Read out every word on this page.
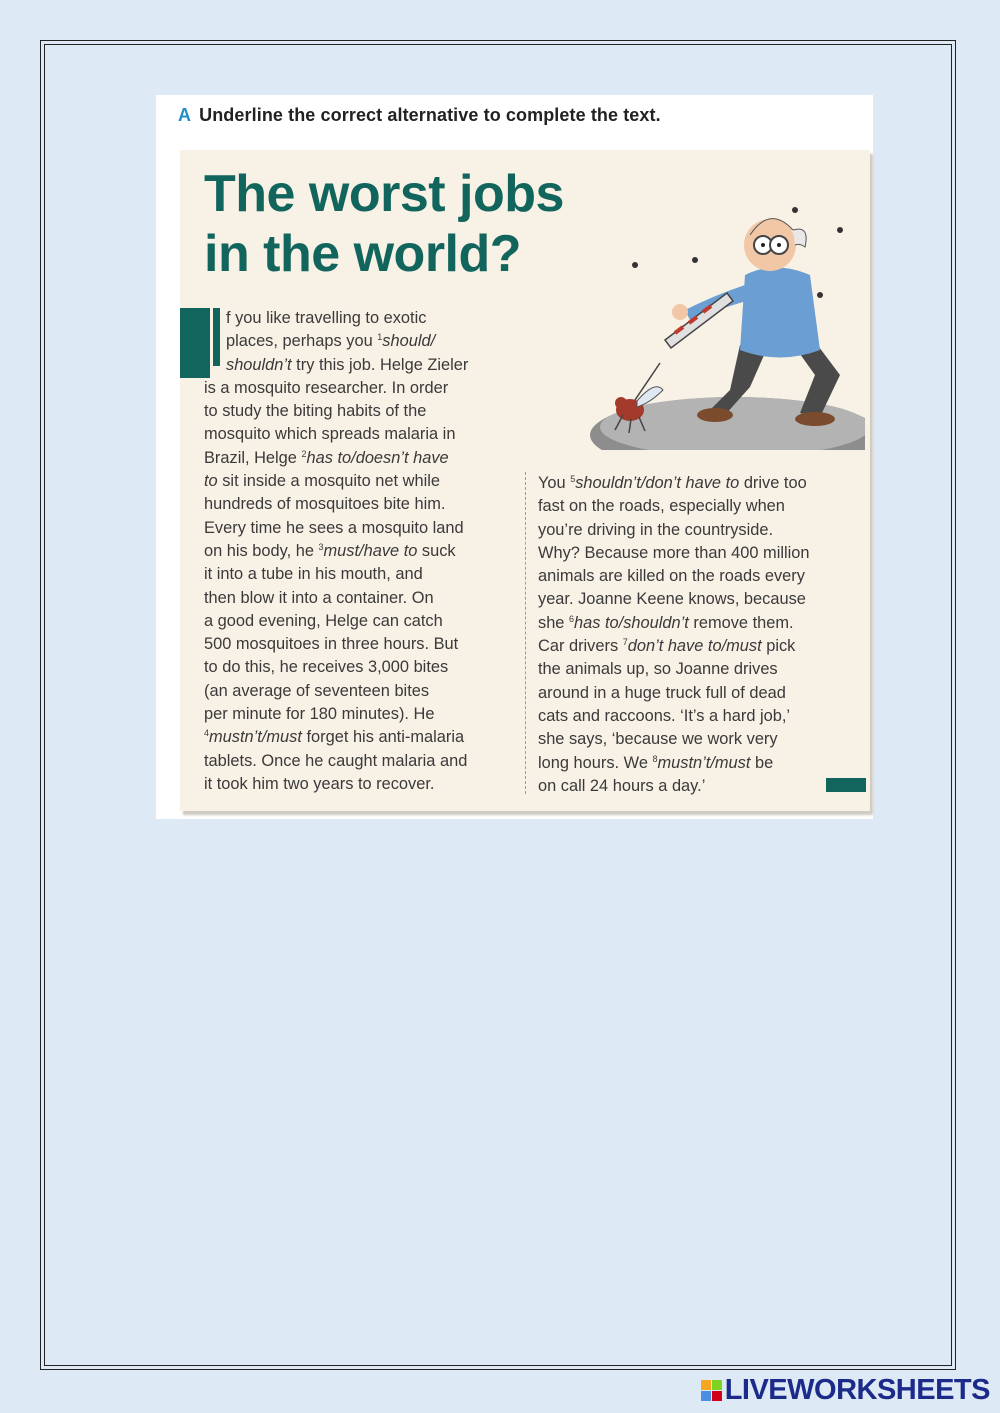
A Underline the correct alternative to complete the text.
The worst jobs
in the world?
f you like travelling to exotic
places, perhaps you $^1$should/
shouldn’t try this job. Helge Zieler
is a mosquito researcher. In order
to study the biting habits of the
mosquito which spreads malaria in
Brazil, Helge $^2$has to/doesn’t have
to sit inside a mosquito net while
hundreds of mosquitoes bite him.
Every time he sees a mosquito land
on his body, he $^3$must/have to suck
it into a tube in his mouth, and
then blow it into a container. On
a good evening, Helge can catch
500 mosquitoes in three hours. But
to do this, he receives 3,000 bites
(an average of seventeen bites
per minute for 180 minutes). He
$^4$mustn’t/must forget his anti-malaria
tablets. Once he caught malaria and
it took him two years to recover.
You $^5$shouldn’t/don’t have to drive too
fast on the roads, especially when
you’re driving in the countryside.
Why? Because more than 400 million
animals are killed on the roads every
year. Joanne Keene knows, because
she $^6$has to/shouldn’t remove them.
Car drivers $^7$don’t have to/must pick
the animals up, so Joanne drives
around in a huge truck full of dead
cats and raccoons. ‘It’s a hard job,’
she says, ‘because we work very
long hours. We $^8$mustn’t/must be
on call 24 hours a day.’
LIVEWORKSHEETS
